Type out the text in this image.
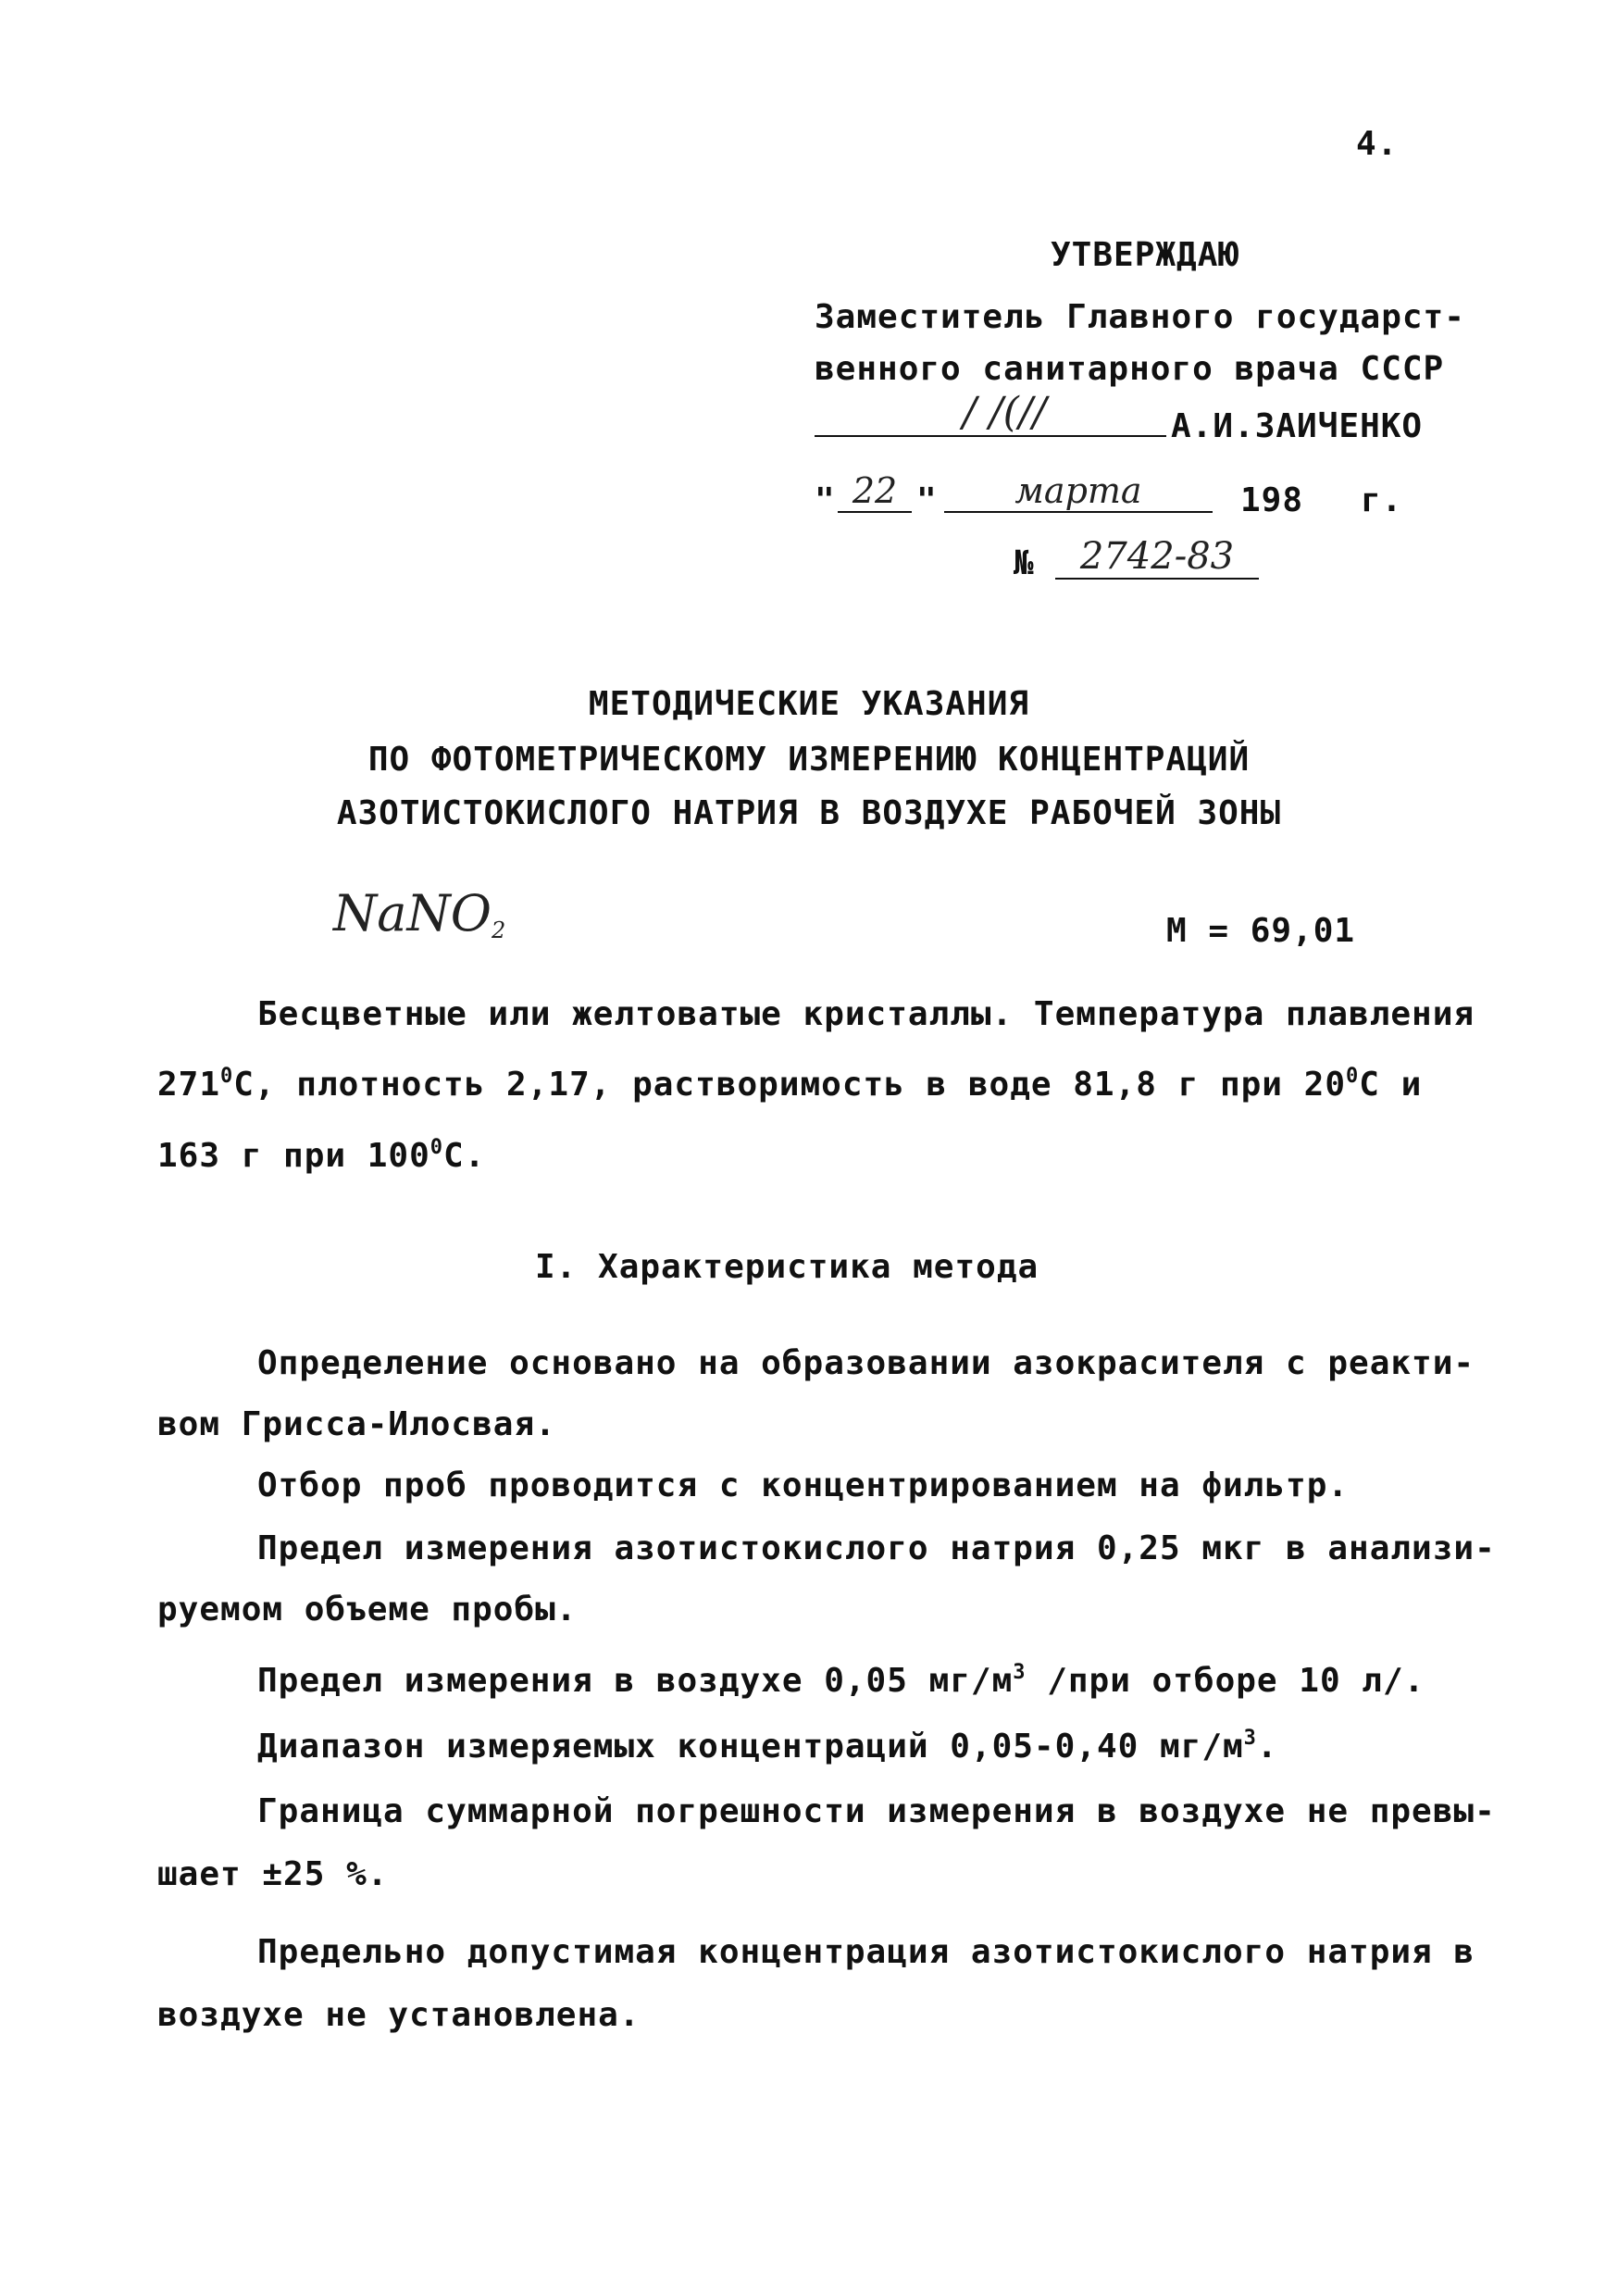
4.
УТВЕРЖДАЮ
Заместитель Главного государст-
венного санитарного врача СССР
/ /(//	А.И.ЗАИЧЕНКО
" 22 "	марта	198 г.
№	2742-83
МЕТОДИЧЕСКИЕ УКАЗАНИЯ
ПО ФОТОМЕТРИЧЕСКОМУ ИЗМЕРЕНИЮ КОНЦЕНТРАЦИЙ
АЗОТИСТОКИСЛОГО НАТРИЯ В ВОЗДУХЕ РАБОЧЕЙ ЗОНЫ
NaNO$_2$	М = 69,01
Бесцветные или желтоватые кристаллы. Температура плавления
$271^0С$, плотность 2,17, растворимость в воде 81,8 г при $20^0С$ и
163 г при $100^0С$.
I. Характеристика метода
Определение основано на образовании азокрасителя с реакти-
вом Грисса-Илосвая.
Отбор проб проводится с концентрированием на фильтр.
Предел измерения азотистокислого натрия 0,25 мкг в анализи-
руемом объеме пробы.
Предел измерения в воздухе 0,05 $мг/м^3$ /при отборе 10 л/.
Диапазон измеряемых концентраций 0,05-0,40 $мг/м^3$.
Граница суммарной погрешности измерения в воздухе не превы-
шает ±25 %.
Предельно допустимая концентрация азотистокислого натрия в
воздухе не установлена.
